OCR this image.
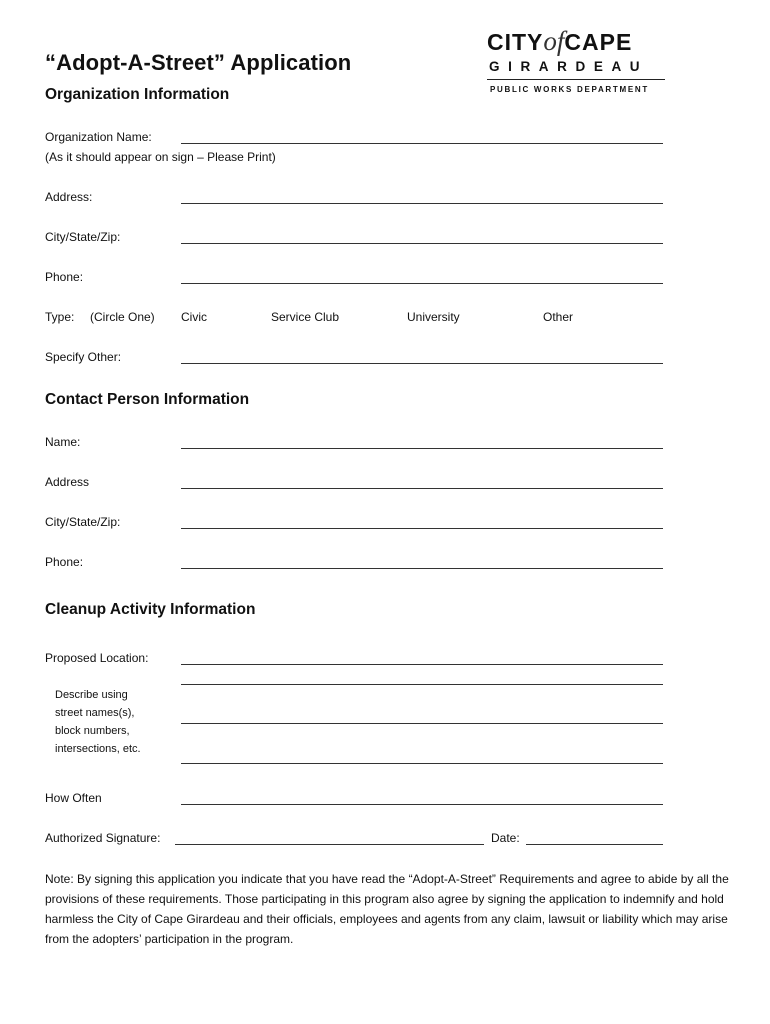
CITYofCAPE
GIRARDEAU
PUBLIC WORKS DEPARTMENT
“Adopt-A-Street” Application
Organization Information
Organization Name:
(As it should appear on sign – Please Print)
Address:
City/State/Zip:
Phone:
Type: (Circle One) Civic	Service Club	University	Other
Specify Other:
Contact Person Information
Name:
Address
City/State/Zip:
Phone:
Cleanup Activity Information
Proposed Location:
Describe using
street names(s),
block numbers,
intersections, etc.
How Often
Authorized Signature:	Date:
Note: By signing this application you indicate that you have read the “Adopt-A-Street” Requirements and agree to abide by all the provisions of these requirements. Those participating in this program also agree by signing the application to indemnify and hold harmless the City of Cape Girardeau and their officials, employees and agents from any claim, lawsuit or liability which may arise from the adopters’ participation in the program.
